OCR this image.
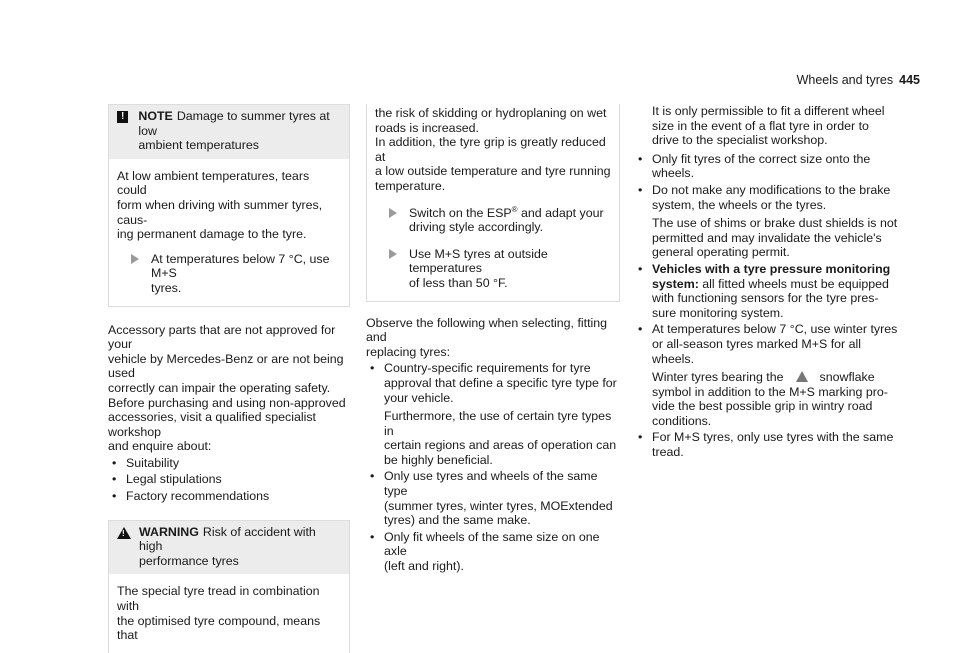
Wheels and tyres 445
!	NOTE Damage to summer tyres at low
ambient temperatures
At low ambient temperatures, tears could
form when driving with summer tyres, caus-
ing permanent damage to the tyre.
At temperatures below 7 °C, use M+S
tyres.
Accessory parts that are not approved for your
vehicle by Mercedes-Benz or are not being used
correctly can impair the operating safety.
Before purchasing and using non-approved
accessories, visit a qualified specialist workshop
and enquire about:
• Suitability
• Legal stipulations
• Factory recommendations
! WARNING Risk of accident with high
performance tyres
The special tyre tread in combination with
the optimised tyre compound, means that
the risk of skidding or hydroplaning on wet
roads is increased.
In addition, the tyre grip is greatly reduced at
a low outside temperature and tyre running
temperature.
Switch on the ESP® and adapt your
driving style accordingly.
Use M+S tyres at outside temperatures
of less than 50 °F.
Observe the following when selecting, fitting and
replacing tyres:
• Country-specific requirements for tyre
approval that define a specific tyre type for
your vehicle.
Furthermore, the use of certain tyre types in
certain regions and areas of operation can
be highly beneficial.
• Only use tyres and wheels of the same type
(summer tyres, winter tyres, MOExtended
tyres) and the same make.
• Only fit wheels of the same size on one axle
(left and right).
It is only permissible to fit a different wheel
size in the event of a flat tyre in order to
drive to the specialist workshop.
• Only fit tyres of the correct size onto the
wheels.
• Do not make any modifications to the brake
system, the wheels or the tyres.
The use of shims or brake dust shields is not
permitted and may invalidate the vehicle's
general operating permit.
• Vehicles with a tyre pressure monitoring
system: all fitted wheels must be equipped
with functioning sensors for the tyre pres-
sure monitoring system.
• At temperatures below 7 °C, use winter tyres
or all-season tyres marked M+S for all
wheels.
Winter tyres bearing the	snowflake
symbol in addition to the M+S marking pro-
vide the best possible grip in wintry road
conditions.
• For M+S tyres, only use tyres with the same
tread.
